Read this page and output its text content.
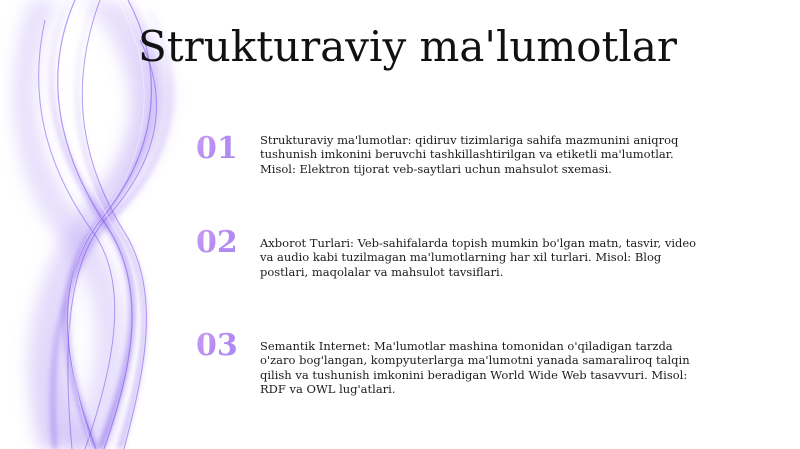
Strukturaviy ma'lumotlar
01	Strukturaviy ma'lumotlar: qidiruv tizimlariga sahifa mazmunini aniqroq tushunish imkonini beruvchi tashkillashtirilgan va etiketli ma'lumotlar. Misol: Elektron tijorat veb-saytlari uchun mahsulot sxemasi.

02	Axborot Turlari: Veb-sahifalarda topish mumkin bo'lgan matn, tasvir, video va audio kabi tuzilmagan ma'lumotlarning har xil turlari. Misol: Blog postlari, maqolalar va mahsulot tavsiflari.

03	Semantik Internet: Ma'lumotlar mashina tomonidan o'qiladigan tarzda o'zaro bog'langan, kompyuterlarga ma'lumotni yanada samaraliroq talqin qilish va tushunish imkonini beradigan World Wide Web tasavvuri. Misol: RDF va OWL lug'atlari.
